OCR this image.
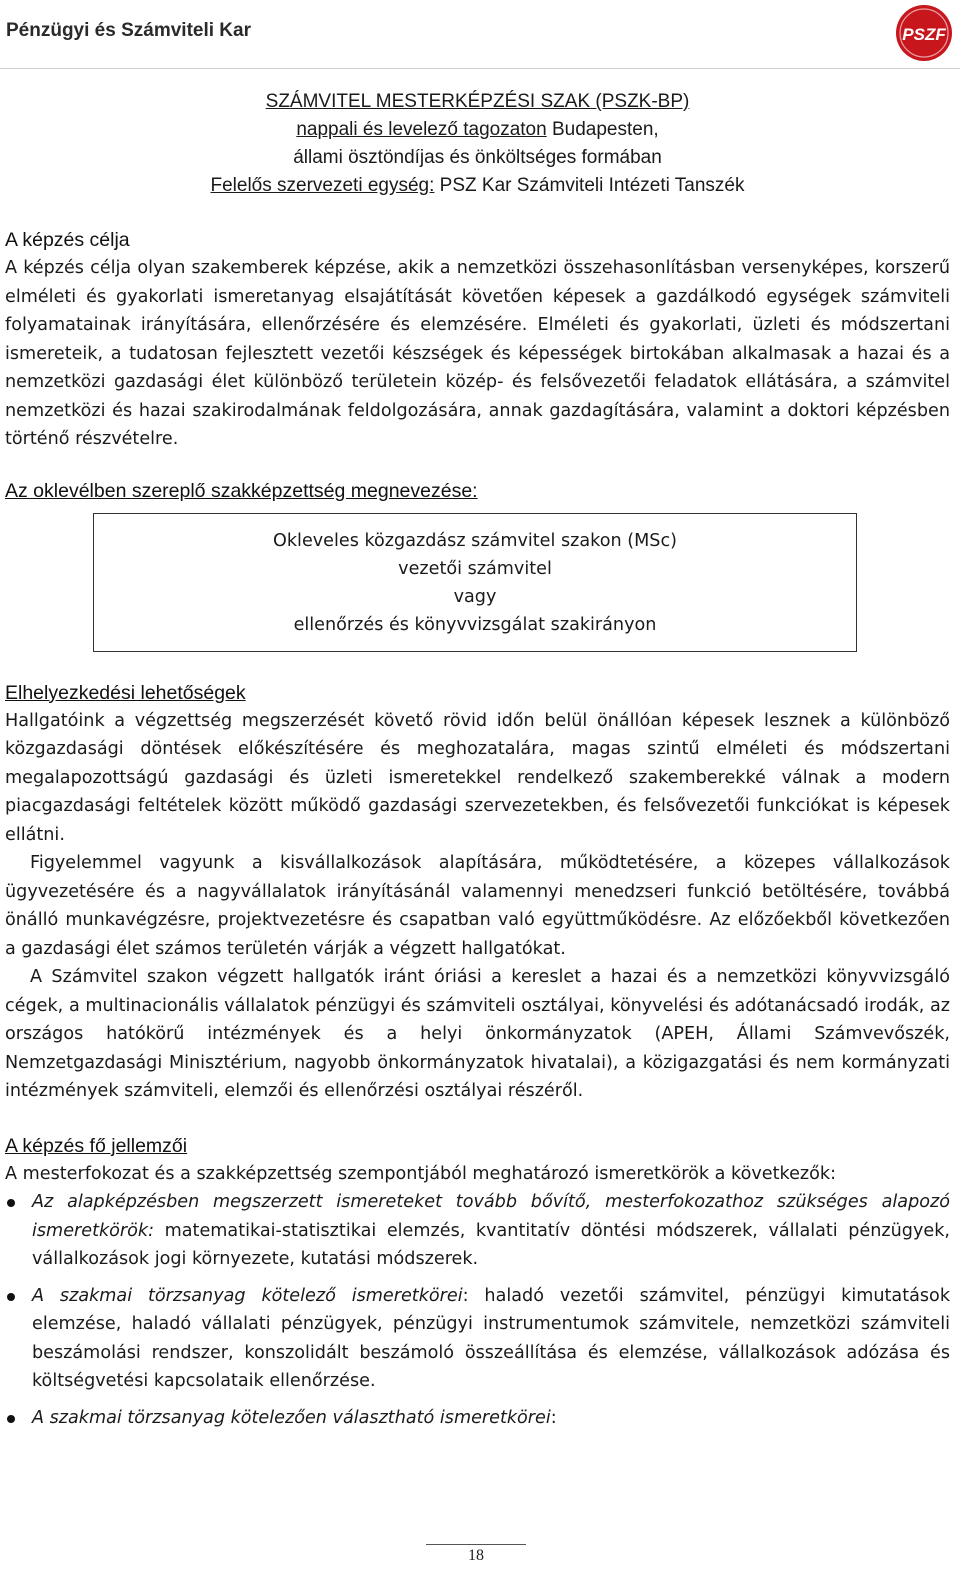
Pénzügyi és Számviteli Kar	PSZF
SZÁMVITEL MESTERKÉPZÉSI SZAK (PSZK-BP)
nappali és levelező tagozaton Budapesten,
állami ösztöndíjas és önköltséges formában
Felelős szervezeti egység: PSZ Kar Számviteli Intézeti Tanszék
A képzés célja

A képzés célja olyan szakemberek képzése, akik a nemzetközi összehasonlításban versenyképes, korszerű elméleti és gyakorlati ismeretanyag elsajátítását követően képesek a gazdálkodó egységek számviteli folyamatainak irányítására, ellenőrzésére és elemzésére. Elméleti és gyakorlati, üzleti és módszertani ismereteik, a tudatosan fejlesztett vezetői készségek és képességek birtokában alkalmasak a hazai és a nemzetközi gazdasági élet különböző területein közép- és felsővezetői feladatok ellátására, a számvitel nemzetközi és hazai szakirodalmának feldolgozására, annak gazdagítására, valamint a doktori képzésben történő részvételre.

Az oklevélben szereplő szakképzettség megnevezése:
Okleveles közgazdász számvitel szakon (MSc)
vezetői számvitel
vagy
ellenőrzés és könyvvizsgálat szakirányon
Elhelyezkedési lehetőségek

Hallgatóink a végzettség megszerzését követő rövid időn belül önállóan képesek lesznek a különböző közgazdasági döntések előkészítésére és meghozatalára, magas szintű elméleti és módszertani megalapozottságú gazdasági és üzleti ismeretekkel rendelkező szakemberekké válnak a modern piacgazdasági feltételek között működő gazdasági szervezetekben, és felsővezetői funkciókat is képesek ellátni.

Figyelemmel vagyunk a kisvállalkozások alapítására, működtetésére, a közepes vállalkozások ügyvezetésére és a nagyvállalatok irányításánál valamennyi menedzseri funkció betöltésére, továbbá önálló munkavégzésre, projektvezetésre és csapatban való együttműködésre. Az előzőekből következően a gazdasági élet számos területén várják a végzett hallgatókat.

A Számvitel szakon végzett hallgatók iránt óriási a kereslet a hazai és a nemzetközi könyvvizsgáló cégek, a multinacionális vállalatok pénzügyi és számviteli osztályai, könyvelési és adótanácsadó irodák, az országos hatókörű intézmények és a helyi önkormányzatok (APEH, Állami Számvevőszék, Nemzetgazdasági Minisztérium, nagyobb önkormányzatok hivatalai), a közigazgatási és nem kormányzati intézmények számviteli, elemzői és ellenőrzési osztályai részéről.

A képzés fő jellemzői

A mesterfokozat és a szakképzettség szempontjából meghatározó ismeretkörök a következők:

Az alapképzésben megszerzett ismereteket tovább bővítő, mesterfokozathoz szükséges alapozó ismeretkörök: matematikai-statisztikai elemzés, kvantitatív döntési módszerek, vállalati pénzügyek, vállalkozások jogi környezete, kutatási módszerek.
A szakmai törzsanyag kötelező ismeretkörei: haladó vezetői számvitel, pénzügyi kimutatások elemzése, haladó vállalati pénzügyek, pénzügyi instrumentumok számvitele, nemzetközi számviteli beszámolási rendszer, konszolidált beszámoló összeállítása és elemzése, vállalkozások adózása és költségvetési kapcsolataik ellenőrzése.
A szakmai törzsanyag kötelezően választható ismeretkörei:
18
